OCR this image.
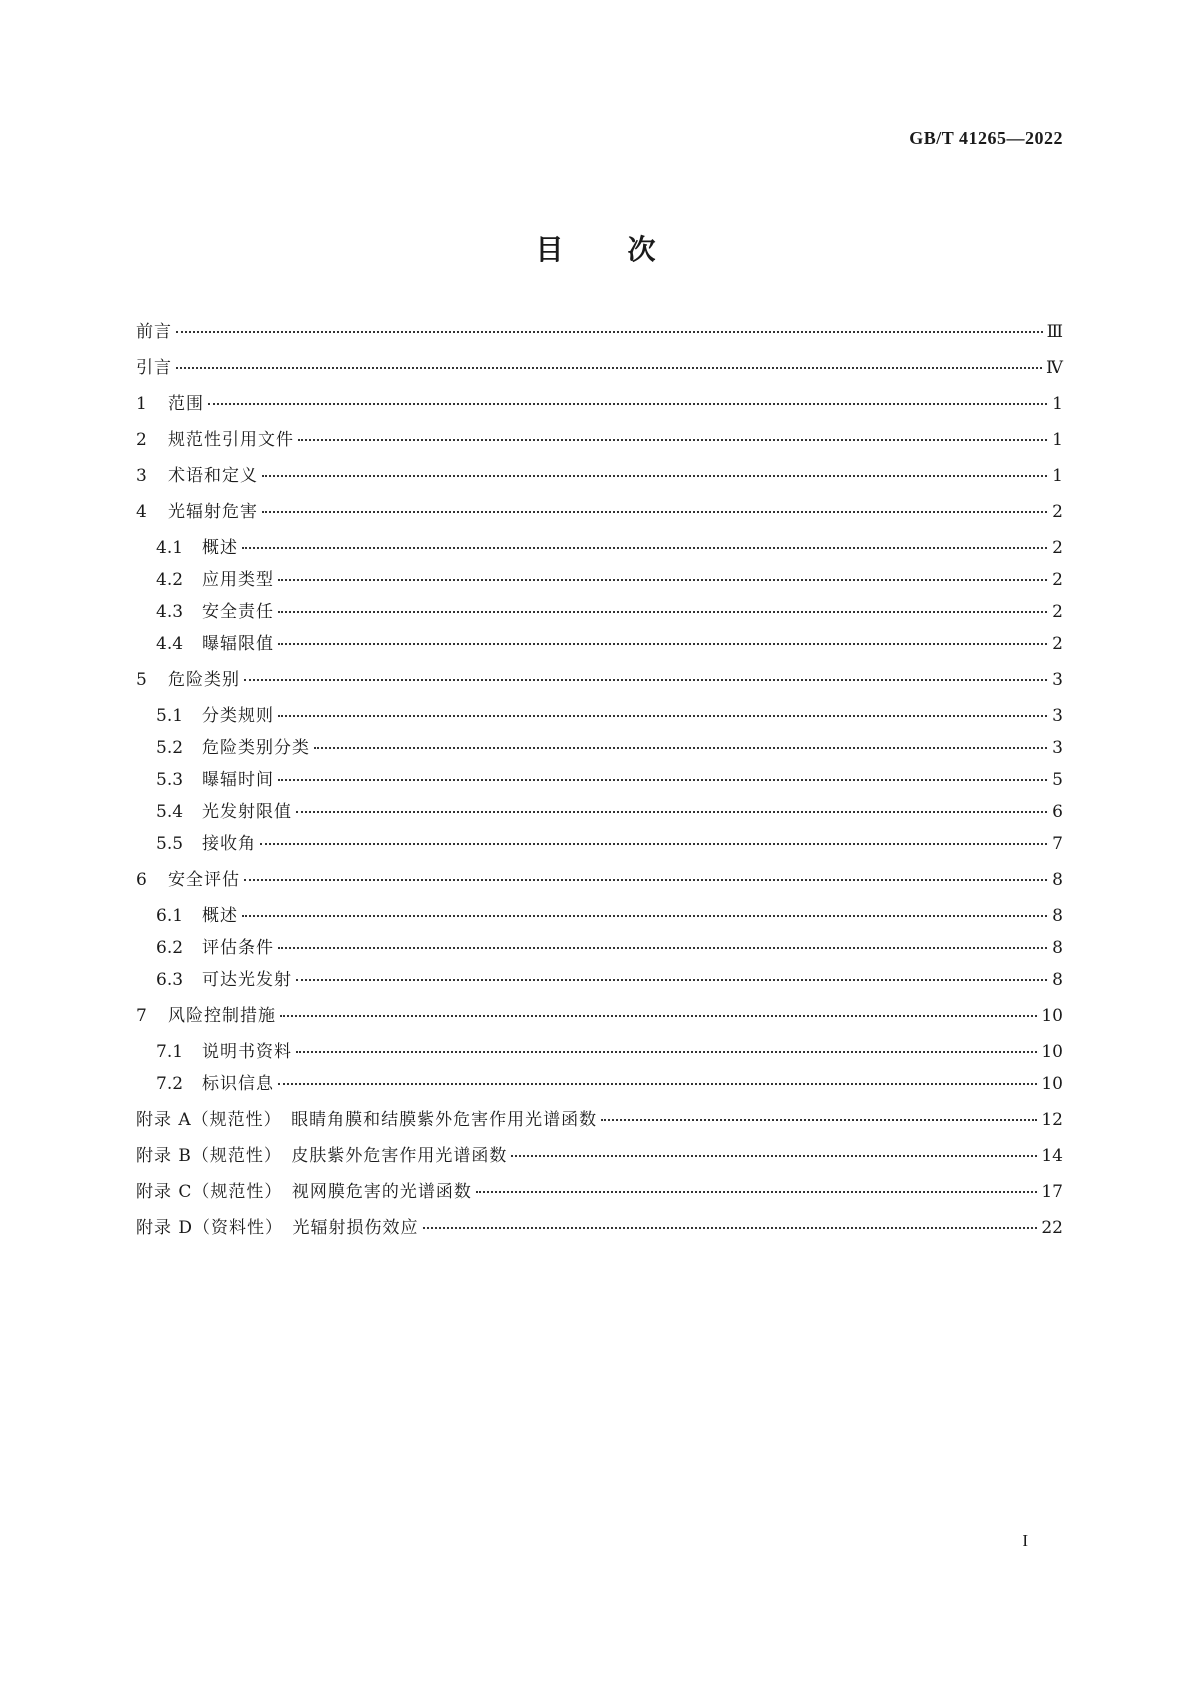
GB/T 41265—2022
目次
前言	Ⅲ
引言	Ⅳ
1	范围	1
2	规范性引用文件	1
3	术语和定义	1
4	光辐射危害	2
4.1	概述	2
4.2	应用类型	2
4.3	安全责任	2
4.4	曝辐限值	2
5	危险类别	3
5.1	分类规则	3
5.2	危险类别分类	3
5.3	曝辐时间	5
5.4	光发射限值	6
5.5	接收角	7
6	安全评估	8
6.1	概述	8
6.2	评估条件	8
6.3	可达光发射	8
7	风险控制措施	10
7.1	说明书资料	10
7.2	标识信息	10
附录 A（规范性）　眼睛角膜和结膜紫外危害作用光谱函数	12
附录 B（规范性）　皮肤紫外危害作用光谱函数	14
附录 C（规范性）　视网膜危害的光谱函数	17
附录 D（资料性）　光辐射损伤效应	22
I
